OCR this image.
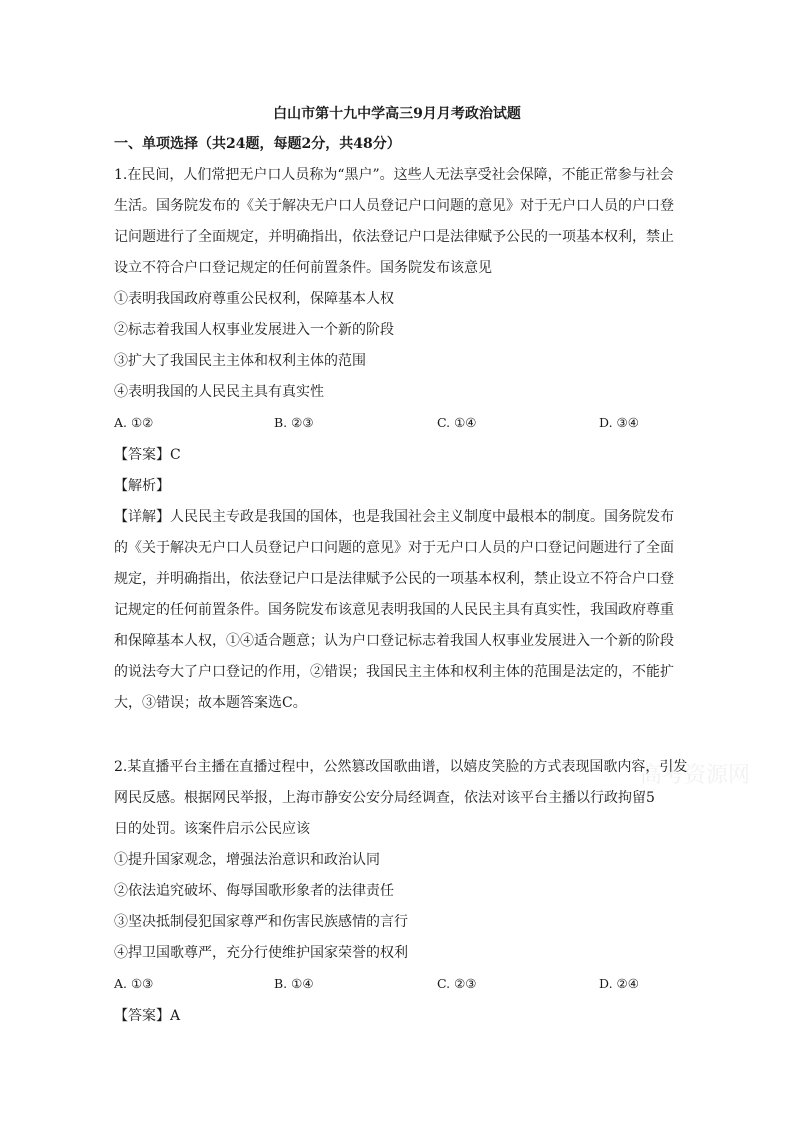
高考资源网
白山市第十九中学高三9月月考政治试题
一、单项选择（共24题，每题2分，共48分）
1.在民间，人们常把无户口人员称为“黑户”。这些人无法享受社会保障，不能正常参与社会
生活。国务院发布的《关于解决无户口人员登记户口问题的意见》对于无户口人员的户口登
记问题进行了全面规定，并明确指出，依法登记户口是法律赋予公民的一项基本权利，禁止
设立不符合户口登记规定的任何前置条件。国务院发布该意见
①表明我国政府尊重公民权利，保障基本人权
②标志着我国人权事业发展进入一个新的阶段
③扩大了我国民主主体和权利主体的范围
④表明我国的人民民主具有真实性
A. ①②	B. ②③	C. ①④	D. ③④
【答案】C
【解析】
【详解】人民民主专政是我国的国体，也是我国社会主义制度中最根本的制度。国务院发布
的《关于解决无户口人员登记户口问题的意见》对于无户口人员的户口登记问题进行了全面
规定，并明确指出，依法登记户口是法律赋予公民的一项基本权利，禁止设立不符合户口登
记规定的任何前置条件。国务院发布该意见表明我国的人民民主具有真实性，我国政府尊重
和保障基本人权，①④适合题意；认为户口登记标志着我国人权事业发展进入一个新的阶段
的说法夸大了户口登记的作用，②错误；我国民主主体和权利主体的范围是法定的，不能扩
大，③错误；故本题答案选C。
2.某直播平台主播在直播过程中，公然篡改国歌曲谱，以嬉皮笑脸的方式表现国歌内容，引发
网民反感。根据网民举报，上海市静安公安分局经调查，依法对该平台主播以行政拘留5
日的处罚。该案件启示公民应该
①提升国家观念，增强法治意识和政治认同
②依法追究破坏、侮辱国歌形象者的法律责任
③坚决抵制侵犯国家尊严和伤害民族感情的言行
④捍卫国歌尊严，充分行使维护国家荣誉的权利
A. ①③	B. ①④	C. ②③	D. ②④
【答案】A
